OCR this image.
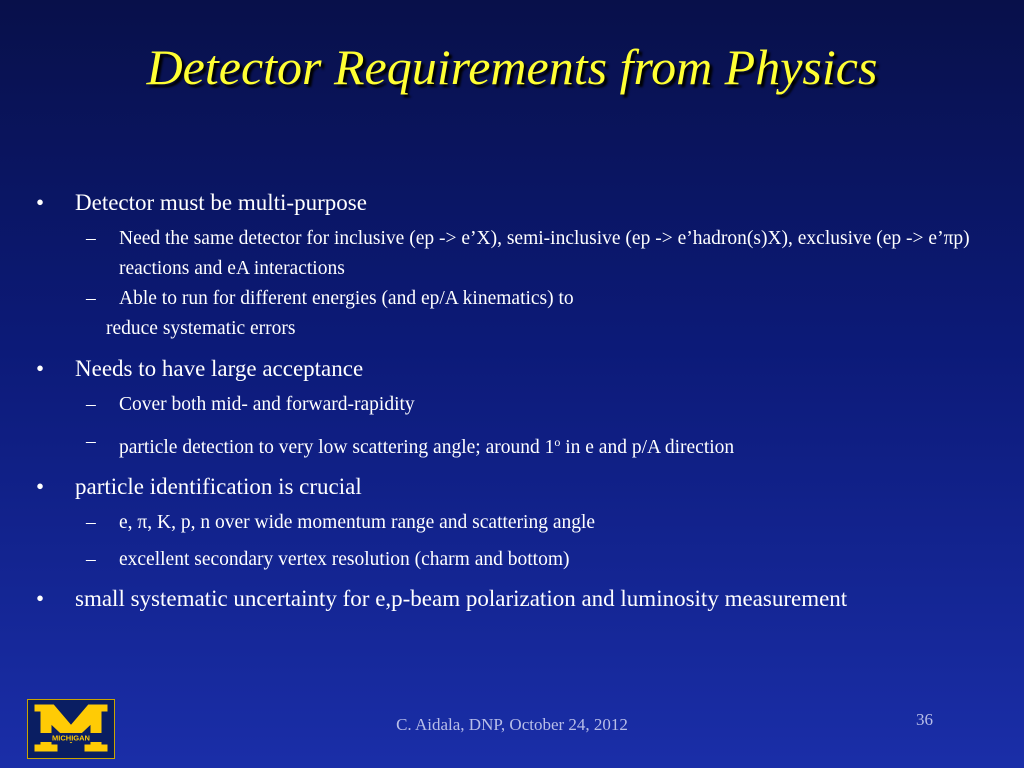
Detector Requirements from Physics
• Detector must be multi-purpose
– Need the same detector for inclusive (ep -> e’X), semi-inclusive (ep -> e’hadron(s)X), exclusive (ep -> e’πp) reactions and eA interactions
– Able to run for different energies (and ep/A kinematics) to
reduce systematic errors
• Needs to have large acceptance
– Cover both mid- and forward-rapidity
– particle detection to very low scattering angle; around 1$^o$ in e and p/A direction
• particle identification is crucial
– e, π, K, p, n over wide momentum range and scattering angle
– excellent secondary vertex resolution (charm and bottom)
• small systematic uncertainty for e,p-beam polarization and luminosity measurement
MICHIGAN
C. Aidala, DNP, October 24, 2012	36
